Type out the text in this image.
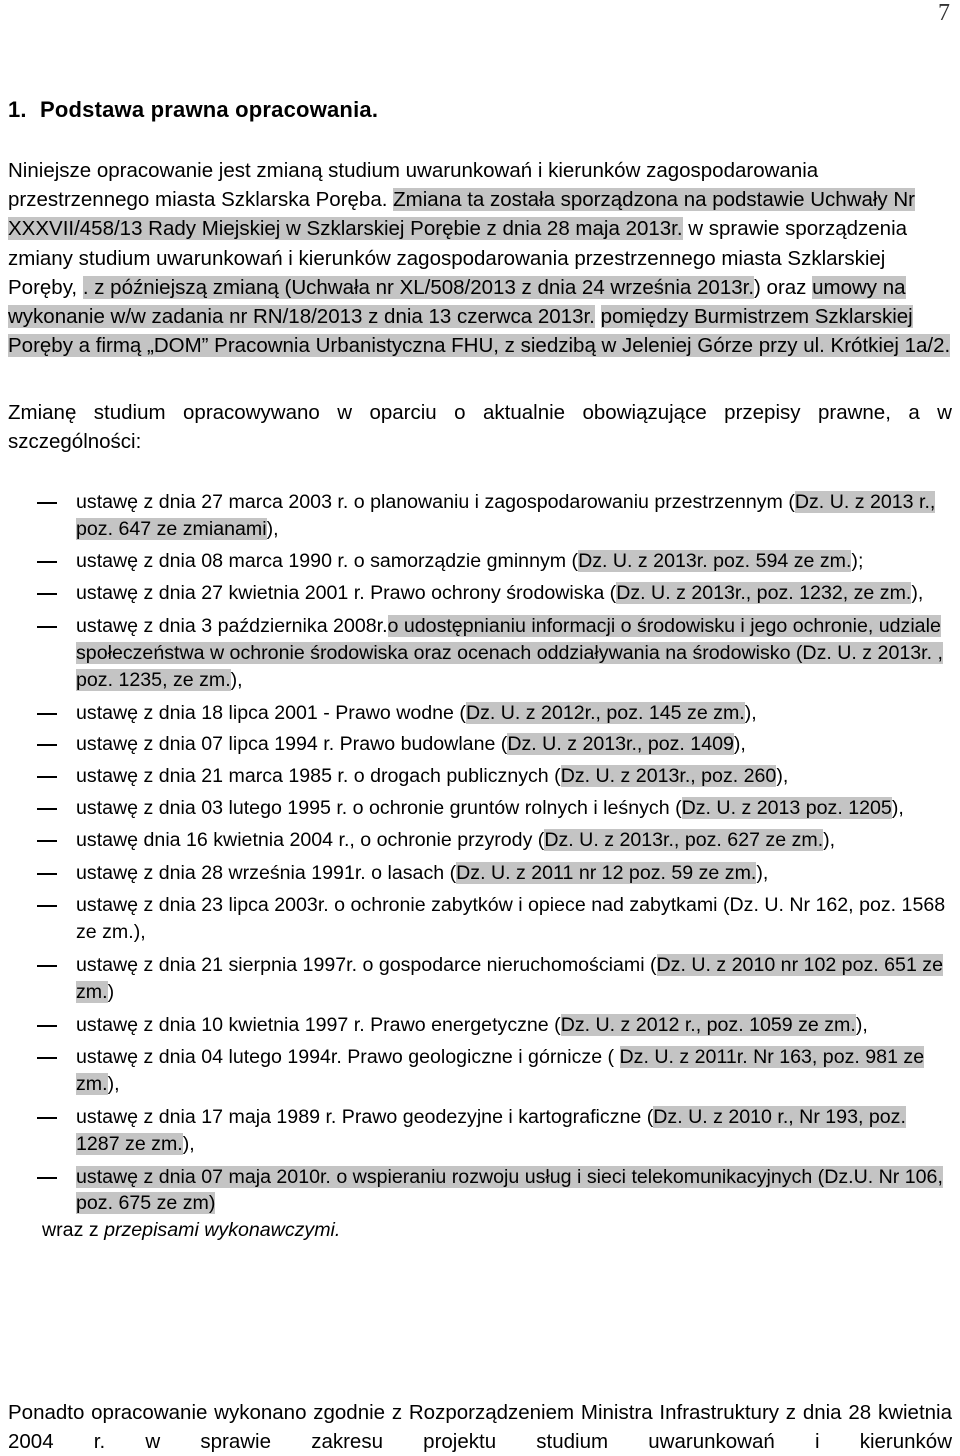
7
1. Podstawa prawna opracowania.
Niniejsze opracowanie jest zmianą studium uwarunkowań i kierunków zagospodarowania przestrzennego miasta Szklarska Poręba. Zmiana ta została sporządzona na podstawie Uchwały Nr XXXVII/458/13 Rady Miejskiej w Szklarskiej Porębie z dnia 28 maja 2013r. w sprawie sporządzenia zmiany studium uwarunkowań i kierunków zagospodarowania przestrzennego miasta Szklarskiej Poręby, . z późniejszą zmianą (Uchwała nr XL/508/2013 z dnia 24 września 2013r.) oraz umowy na wykonanie w/w zadania nr RN/18/2013 z dnia 13 czerwca 2013r. pomiędzy Burmistrzem Szklarskiej Poręby a firmą „DOM” Pracownia Urbanistyczna FHU, z siedzibą w Jeleniej Górze przy ul. Krótkiej 1a/2.
Zmianę studium opracowywano w oparciu o aktualnie obowiązujące przepisy prawne, a w szczególności:
ustawę z dnia 27 marca 2003 r. o planowaniu i zagospodarowaniu przestrzennym (Dz. U. z 2013 r., poz. 647 ze zmianami),
ustawę z dnia 08 marca 1990 r. o samorządzie gminnym (Dz. U. z 2013r. poz. 594 ze zm.);
ustawę z dnia 27 kwietnia 2001 r. Prawo ochrony środowiska (Dz. U. z 2013r., poz. 1232, ze zm.),
ustawę z dnia 3 października 2008r.o udostępnianiu informacji o środowisku i jego ochronie, udziale społeczeństwa w ochronie środowiska oraz ocenach oddziaływania na środowisko (Dz. U. z 2013r. , poz. 1235, ze zm.),
ustawę z dnia 18 lipca 2001 - Prawo wodne (Dz. U. z 2012r., poz. 145 ze zm.),
ustawę z dnia 07 lipca 1994 r. Prawo budowlane (Dz. U. z 2013r., poz. 1409),
ustawę z dnia 21 marca 1985 r. o drogach publicznych (Dz. U. z 2013r., poz. 260),
ustawę z dnia 03 lutego 1995 r. o ochronie gruntów rolnych i leśnych (Dz. U. z 2013 poz. 1205),
ustawę dnia 16 kwietnia 2004 r., o ochronie przyrody (Dz. U. z 2013r., poz. 627 ze zm.),
ustawę z dnia 28 września 1991r. o lasach (Dz. U. z 2011 nr 12 poz. 59 ze zm.),
ustawę z dnia 23 lipca 2003r. o ochronie zabytków i opiece nad zabytkami (Dz. U. Nr 162, poz. 1568 ze zm.),
ustawę z dnia 21 sierpnia 1997r. o gospodarce nieruchomościami (Dz. U. z 2010 nr 102 poz. 651 ze zm.)
ustawę z dnia 10 kwietnia 1997 r. Prawo energetyczne (Dz. U. z 2012 r., poz. 1059 ze zm.),
ustawę z dnia 04 lutego 1994r. Prawo geologiczne i górnicze ( Dz. U. z 2011r. Nr 163, poz. 981 ze zm.),
ustawę z dnia 17 maja 1989 r. Prawo geodezyjne i kartograficzne (Dz. U. z 2010 r., Nr 193, poz. 1287 ze zm.),
ustawę z dnia 07 maja 2010r. o wspieraniu rozwoju usług i sieci telekomunikacyjnych (Dz.U. Nr 106, poz. 675 ze zm)
wraz z przepisami wykonawczymi.
Ponadto opracowanie wykonano zgodnie z Rozporządzeniem Ministra Infrastruktury z dnia 28 kwietnia 2004 r. w sprawie zakresu projektu studium uwarunkowań i kierunków
